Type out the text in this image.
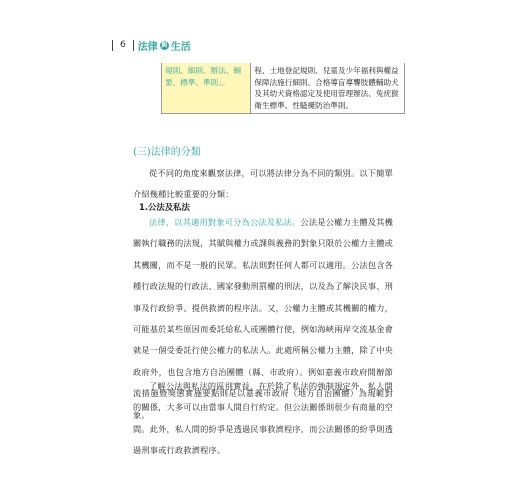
6 法律 與 生活
規則、細則、辦法、綱要、標準、準則」。	程、土地登記規則、兒童及少年福利與權益保障法施行細則、合格導盲導聾肢體輔助犬及其幼犬資格認定及使用管理辦法、兔疣猴衛生標準、性騷擾防治準則。
(三)法律的分類

從不同的角度來觀察法律，可以將法律分為不同的類別。以下簡單介紹幾種比較重要的分類：

1.公法及私法

法律，以其適用對象可分為公法及私法。公法是公權力主體及其機關執行職務的法規，其賦與權力或課與義務的對象只限於公權力主體或其機關，而不是一般的民眾。私法則對任何人都可以適用。公法包含各種行政法規的行政法、國家發動刑罰權的刑法，以及為了解決民事、刑事及行政紛爭、提供救濟的程序法。又，公權力主體或其機關的權力，可能基於某些原因而委託給私人或團體行使，例如海峽兩岸交流基金會就是一個受委託行使公權力的私法人。此處所稱公權力主體，除了中央政府外，也包含地方自治團體（縣、市政府）。例如嘉義市政府開辦節流措施暨獎懲實施要點則是以嘉義市政府（地方自治團體）為規範對象。

了解公法與私法的區別實益，在於除了私法的強制規定外，私人間的關係，大多可以由當事人間自行約定。但公法關係則很少有商量的空間。此外，私人間的紛爭是透過民事救濟程序，而公法關係的紛爭則透過刑事或行政救濟程序。
